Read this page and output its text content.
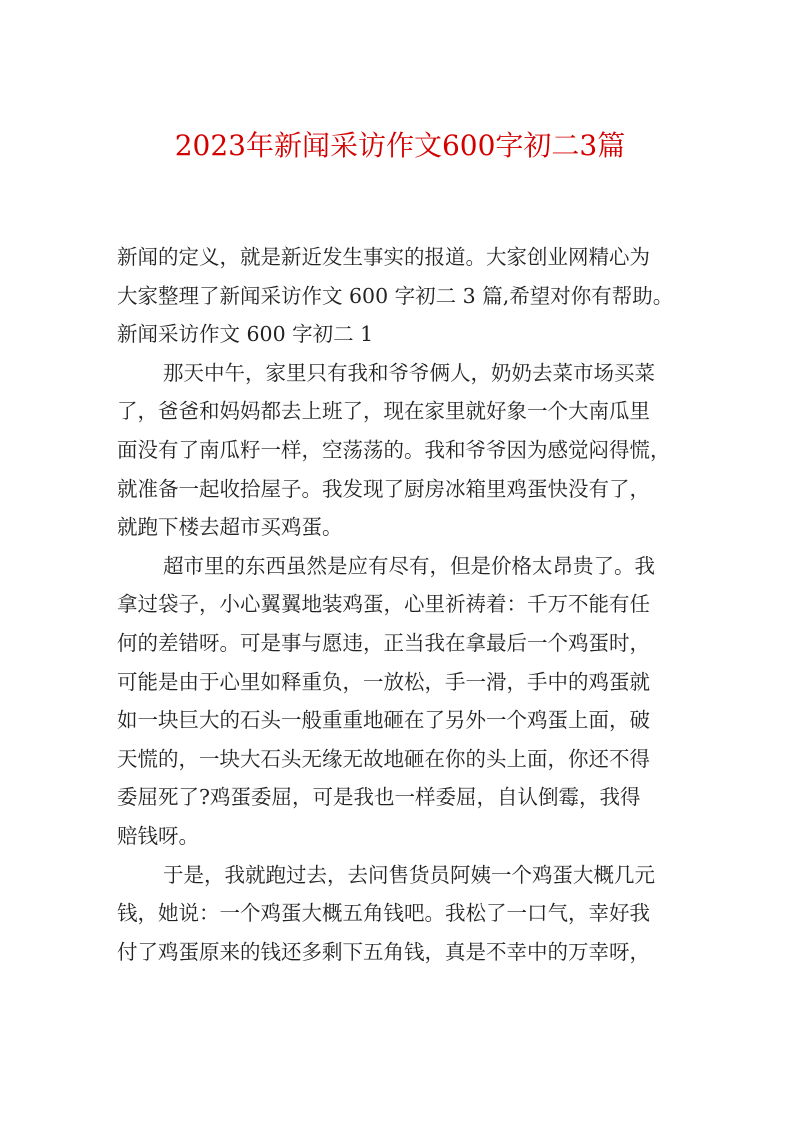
2023年新闻采访作文600字初二3篇
新闻的定义，就是新近发生事实的报道。大家创业网精心为
大家整理了新闻采访作文 600 字初二 3 篇,希望对你有帮助。
新闻采访作文 600 字初二 1
那天中午，家里只有我和爷爷俩人，奶奶去菜市场买菜
了，爸爸和妈妈都去上班了，现在家里就好象一个大南瓜里
面没有了南瓜籽一样，空荡荡的。我和爷爷因为感觉闷得慌，
就准备一起收拾屋子。我发现了厨房冰箱里鸡蛋快没有了，
就跑下楼去超市买鸡蛋。
超市里的东西虽然是应有尽有，但是价格太昂贵了。我
拿过袋子，小心翼翼地装鸡蛋，心里祈祷着：千万不能有任
何的差错呀。可是事与愿违，正当我在拿最后一个鸡蛋时，
可能是由于心里如释重负，一放松，手一滑，手中的鸡蛋就
如一块巨大的石头一般重重地砸在了另外一个鸡蛋上面，破
天慌的，一块大石头无缘无故地砸在你的头上面，你还不得
委屈死了?鸡蛋委屈，可是我也一样委屈，自认倒霉，我得
赔钱呀。
于是，我就跑过去，去问售货员阿姨一个鸡蛋大概几元
钱，她说：一个鸡蛋大概五角钱吧。我松了一口气，幸好我
付了鸡蛋原来的钱还多剩下五角钱，真是不幸中的万幸呀，
